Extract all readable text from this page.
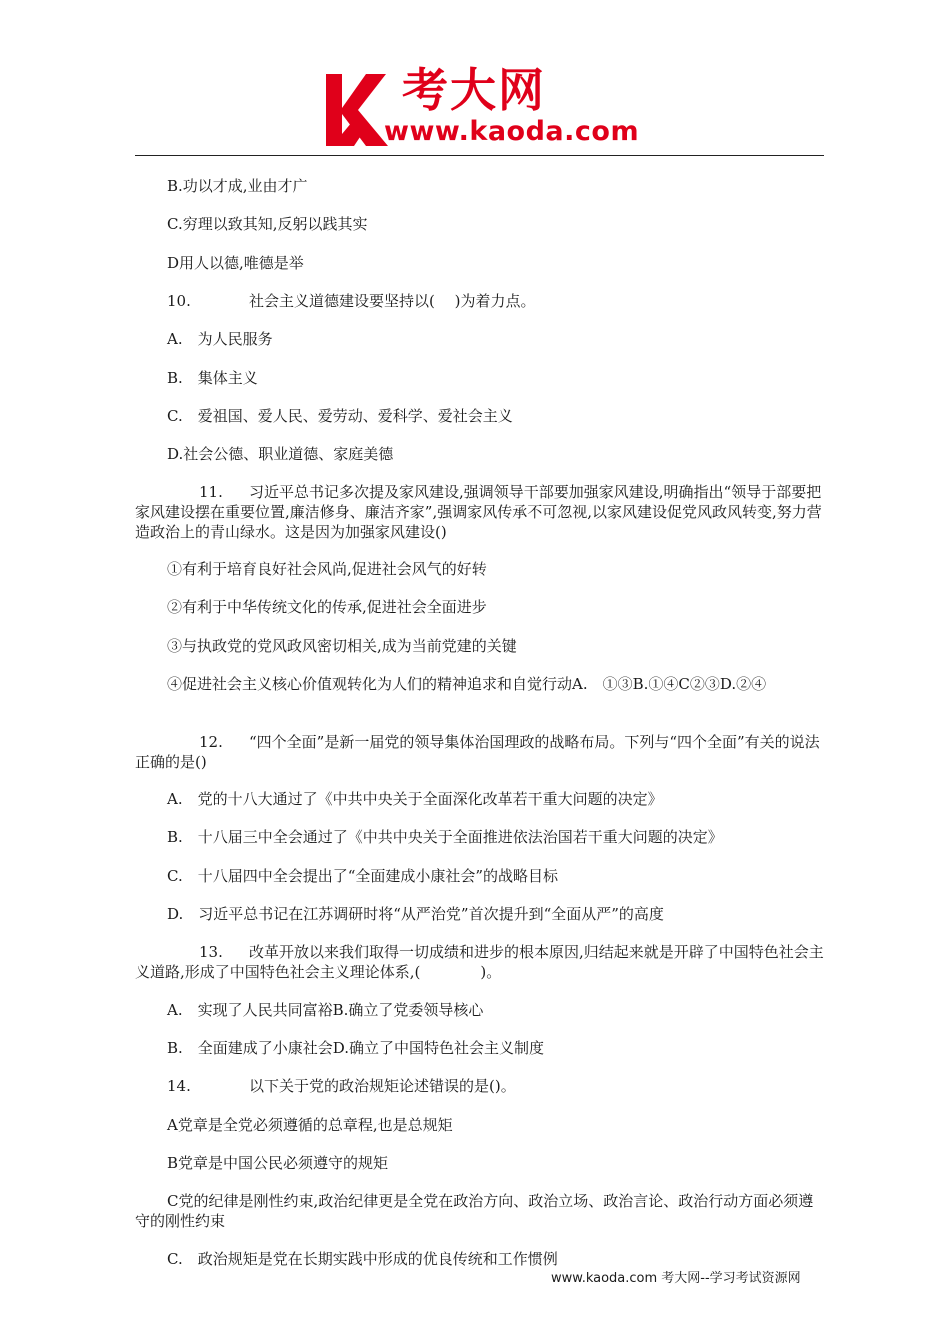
考大网
www.kaoda.com
B.功以才成,业由才广
C.穷理以致其知,反躬以践其实
D用人以德,唯德是举
10.	社会主义道德建设要坚持以(　 )为着力点。
A.　为人民服务
B.　集体主义
C.　爱祖国、爱人民、爱劳动、爱科学、爱社会主义
D.社会公德、职业道德、家庭美德
11. 习近平总书记多次提及家风建设,强调领导干部要加强家风建设,明确指出“领导于部要把家风建设摆在重要位置,廉洁修身、廉洁齐家”,强调家风传承不可忽视,以家风建设促党风政风转变,努力营造政治上的青山绿水。这是因为加强家风建设()
①有利于培育良好社会风尚,促进社会风气的好转
②有利于中华传统文化的传承,促进社会全面进步
③与执政党的党风政风密切相关,成为当前党建的关键
④促进社会主义核心价值观转化为人们的精神追求和自觉行动A.　①③B.①④C②③D.②④
12. “四个全面”是新一届党的领导集体治国理政的战略布局。下列与“四个全面”有关的说法正确的是()
A.　党的十八大通过了《中共中央关于全面深化改革若干重大问题的决定》
B.　十八届三中全会通过了《中共中央关于全面推进依法治国若干重大问题的决定》
C.　十八届四中全会提出了“全面建成小康社会”的战略目标
D.　习近平总书记在江苏调研时将“从严治党”首次提升到“全面从严”的高度
13. 改革开放以来我们取得一切成绩和进步的根本原因,归结起来就是开辟了中国特色社会主义道路,形成了中国特色社会主义理论体系,(　　　　)。
A.　实现了人民共同富裕B.确立了党委领导核心
B.　全面建成了小康社会D.确立了中国特色社会主义制度
14.	以下关于党的政治规矩论述错误的是()。
A党章是全党必须遵循的总章程,也是总规矩
B党章是中国公民必须遵守的规矩
C党的纪律是刚性约束,政治纪律更是全党在政治方向、政治立场、政治言论、政治行动方面必须遵守的刚性约束
C.　政治规矩是党在长期实践中形成的优良传统和工作惯例
www.kaoda.com 考大网--学习考试资源网
